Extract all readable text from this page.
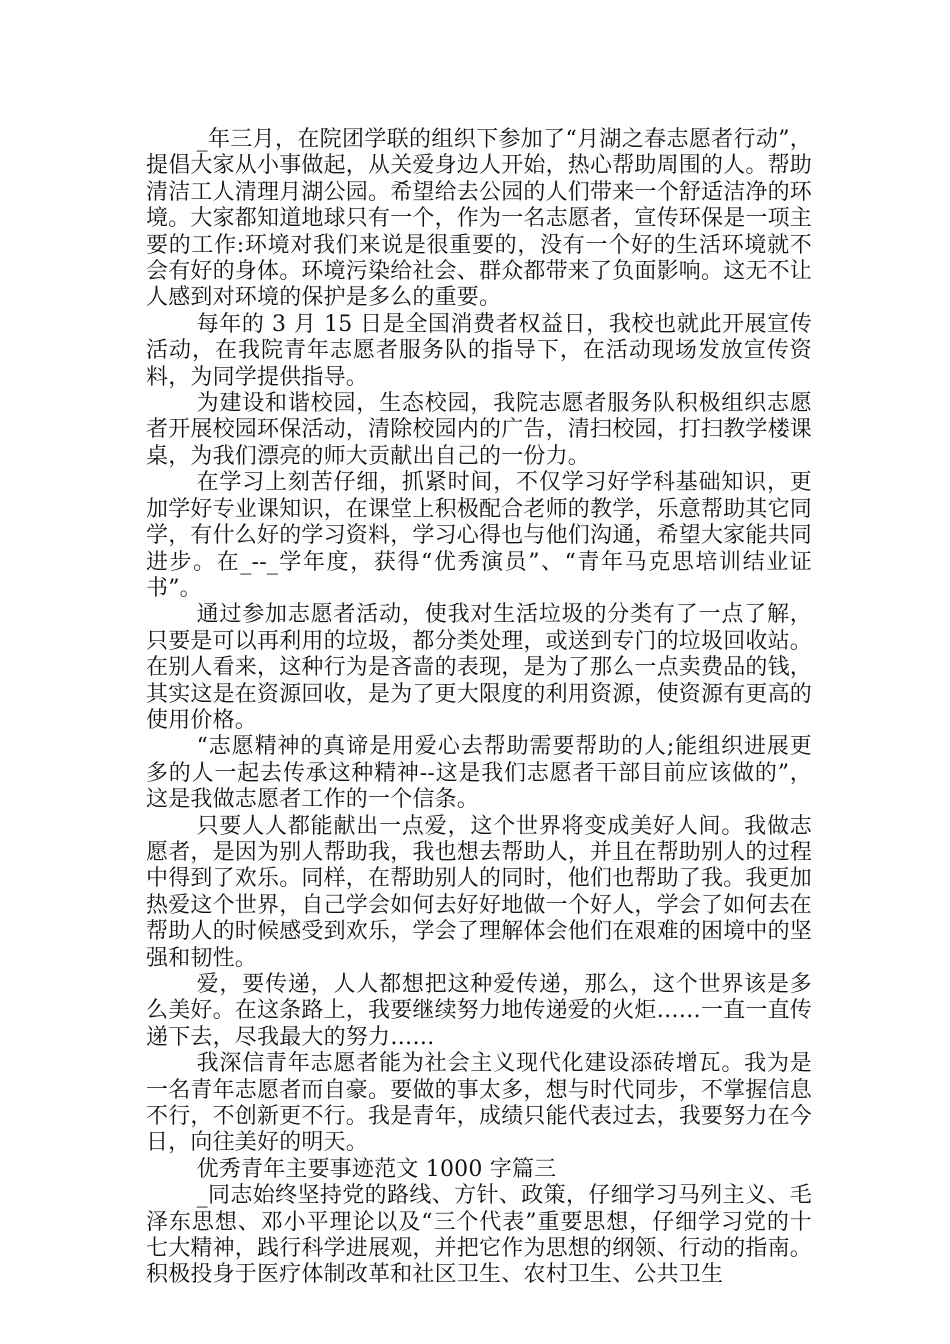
_年三月，在院团学联的组织下参加了“月湖之春志愿者行动”， 提倡大家从小事做起，从关爱身边人开始，热心帮助周围的人。帮助清洁工人清理月湖公园。希望给去公园的人们带来一个舒适洁净的环境。大家都知道地球只有一个，作为一名志愿者，宣传环保是一项主要的工作:环境对我们来说是很重要的，没有一个好的生活环境就不会有好的身体。环境污染给社会、群众都带来了负面影响。这无不让人感到对环境的保护是多么的重要。

每年的 3 月 15 日是全国消费者权益日，我校也就此开展宣传活动，在我院青年志愿者服务队的指导下，在活动现场发放宣传资料，为同学提供指导。

为建设和谐校园，生态校园，我院志愿者服务队积极组织志愿者开展校园环保活动，清除校园内的广告，清扫校园，打扫教学楼课桌，为我们漂亮的师大贡献出自己的一份力。

在学习上刻苦仔细，抓紧时间，不仅学习好学科基础知识，更加学好专业课知识，在课堂上积极配合老师的教学，乐意帮助其它同学，有什么好的学习资料，学习心得也与他们沟通，希望大家能共同进步。在_--_学年度，获得“优秀演员”、“青年马克思培训结业证书”。

通过参加志愿者活动，使我对生活垃圾的分类有了一点了解，只要是可以再利用的垃圾，都分类处理，或送到专门的垃圾回收站。在别人看来，这种行为是吝啬的表现，是为了那么一点卖费品的钱，其实这是在资源回收，是为了更大限度的利用资源，使资源有更高的使用价格。

“志愿精神的真谛是用爱心去帮助需要帮助的人;能组织进展更多的人一起去传承这种精神--这是我们志愿者干部目前应该做的”，这是我做志愿者工作的一个信条。

只要人人都能献出一点爱，这个世界将变成美好人间。我做志愿者，是因为别人帮助我，我也想去帮助人，并且在帮助别人的过程中得到了欢乐。同样，在帮助别人的同时，他们也帮助了我。我更加热爱这个世界，自己学会如何去好好地做一个好人，学会了如何去在帮助人的时候感受到欢乐，学会了理解体会他们在艰难的困境中的坚强和韧性。

爱，要传递，人人都想把这种爱传递，那么，这个世界该是多么美好。在这条路上，我要继续努力地传递爱的火炬……一直一直传递下去，尽我最大的努力……

我深信青年志愿者能为社会主义现代化建设添砖增瓦。我为是一名青年志愿者而自豪。要做的事太多，想与时代同步，不掌握信息不行，不创新更不行。我是青年，成绩只能代表过去，我要努力在今日，向往美好的明天。

优秀青年主要事迹范文 1000 字篇三

_同志始终坚持党的路线、方针、政策，仔细学习马列主义、毛泽东思想、邓小平理论以及“三个代表”重要思想，仔细学习党的十七大精神，践行科学进展观，并把它作为思想的纲领、行动的指南。积极投身于医疗体制改革和社区卫生、农村卫生、公共卫生
